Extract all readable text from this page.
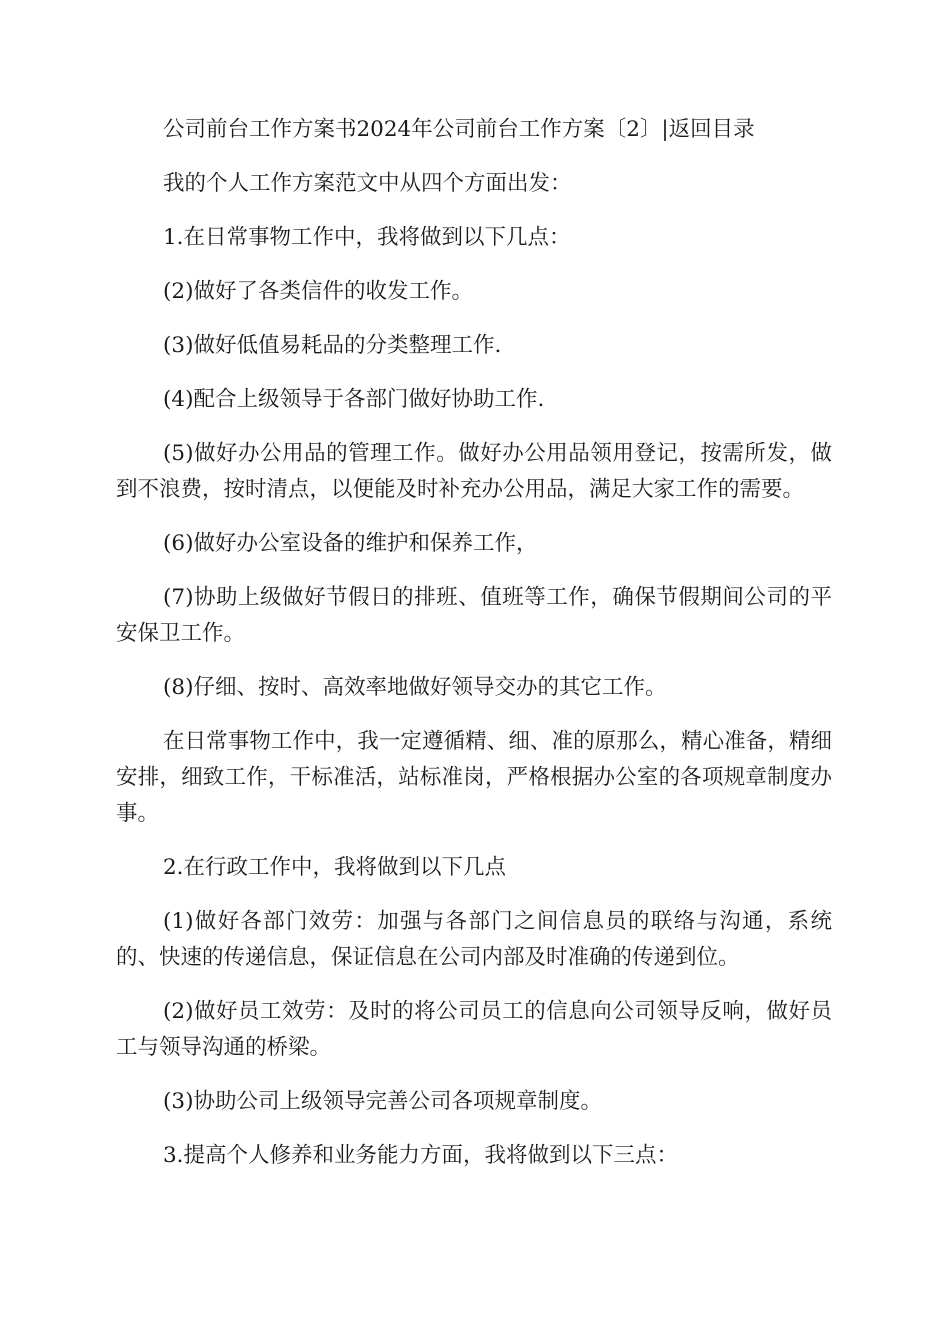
公司前台工作方案书2024年公司前台工作方案〔2〕|返回目录

我的个人工作方案范文中从四个方面出发：

1.在日常事物工作中，我将做到以下几点：

(2)做好了各类信件的收发工作。

(3)做好低值易耗品的分类整理工作.

(4)配合上级领导于各部门做好协助工作.

(5)做好办公用品的管理工作。做好办公用品领用登记，按需所发，做到不浪费，按时清点，以便能及时补充办公用品，满足大家工作的需要。

(6)做好办公室设备的维护和保养工作，

(7)协助上级做好节假日的排班、值班等工作，确保节假期间公司的平安保卫工作。

(8)仔细、按时、高效率地做好领导交办的其它工作。

在日常事物工作中，我一定遵循精、细、准的原那么，精心准备，精细安排，细致工作，干标准活，站标准岗，严格根据办公室的各项规章制度办事。

2.在行政工作中，我将做到以下几点

(1)做好各部门效劳：加强与各部门之间信息员的联络与沟通，系统的、快速的传递信息，保证信息在公司内部及时准确的传递到位。

(2)做好员工效劳：及时的将公司员工的信息向公司领导反响，做好员工与领导沟通的桥梁。

(3)协助公司上级领导完善公司各项规章制度。

3.提高个人修养和业务能力方面，我将做到以下三点：
